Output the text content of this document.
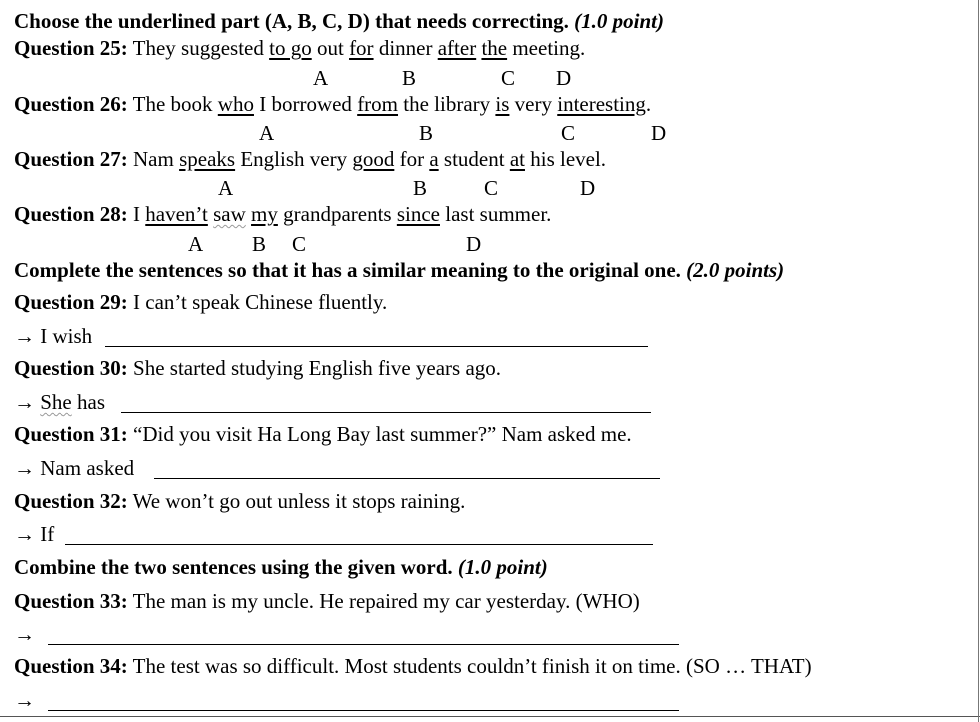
Choose the underlined part (A, B, C, D) that needs correcting. (1.0 point)
Question 25: They suggested to go out for dinner after the meeting.
A	B	C D
Question 26: The book who I borrowed from the library is very interesting.
A	B	C	D
Question 27: Nam speaks English very good for a student at his level.
A	B	C	D
Question 28: I haven’t saw my grandparents since last summer.
A B C	D
Complete the sentences so that it has a similar meaning to the original one. (2.0 points)
Question 29: I can’t speak Chinese fluently.
→ I wish
Question 30: She started studying English five years ago.
→ She has
Question 31: “Did you visit Ha Long Bay last summer?” Nam asked me.
→ Nam asked
Question 32: We won’t go out unless it stops raining.
→ If
Combine the two sentences using the given word. (1.0 point)
Question 33: The man is my uncle. He repaired my car yesterday. (WHO)
→
Question 34: The test was so difficult. Most students couldn’t finish it on time. (SO … THAT)
→
